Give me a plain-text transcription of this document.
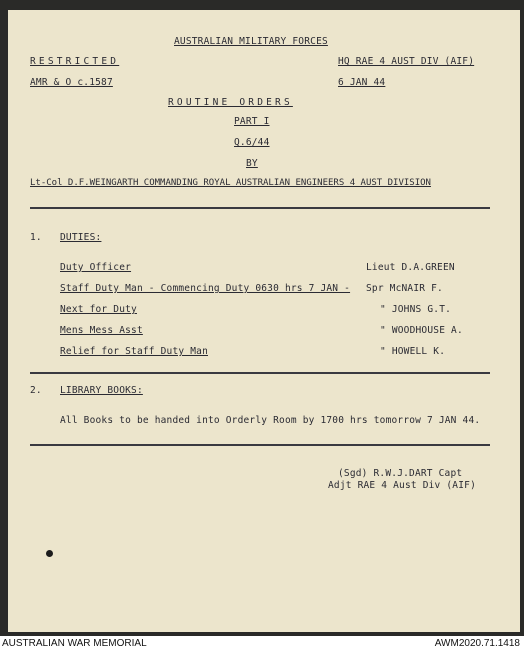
AUSTRALIAN MILITARY FORCES
RESTRICTED	HQ RAE 4 AUST DIV (AIF)
AMR & O c.1587	6 JAN 44
ROUTINE ORDERS
PART I
Q.6/44
BY
Lt-Col D.F.WEINGARTH COMMANDING ROYAL AUSTRALIAN ENGINEERS 4 AUST DIVISION
1. DUTIES:
Duty Officer	Lieut D.A.GREEN
Staff Duty Man - Commencing Duty 0630 hrs 7 JAN - Spr McNAIR F.
Next for Duty	" JOHNS G.T.
Mens Mess Asst	" WOODHOUSE A.
Relief for Staff Duty Man	" HOWELL K.
2. LIBRARY BOOKS:
All Books to be handed into Orderly Room by 1700 hrs tomorrow 7 JAN 44.
(Sgd) R.W.J.DART Capt
Adjt RAE 4 Aust Div (AIF)
AUSTRALIAN WAR MEMORIAL	AWM2020.71.1418
